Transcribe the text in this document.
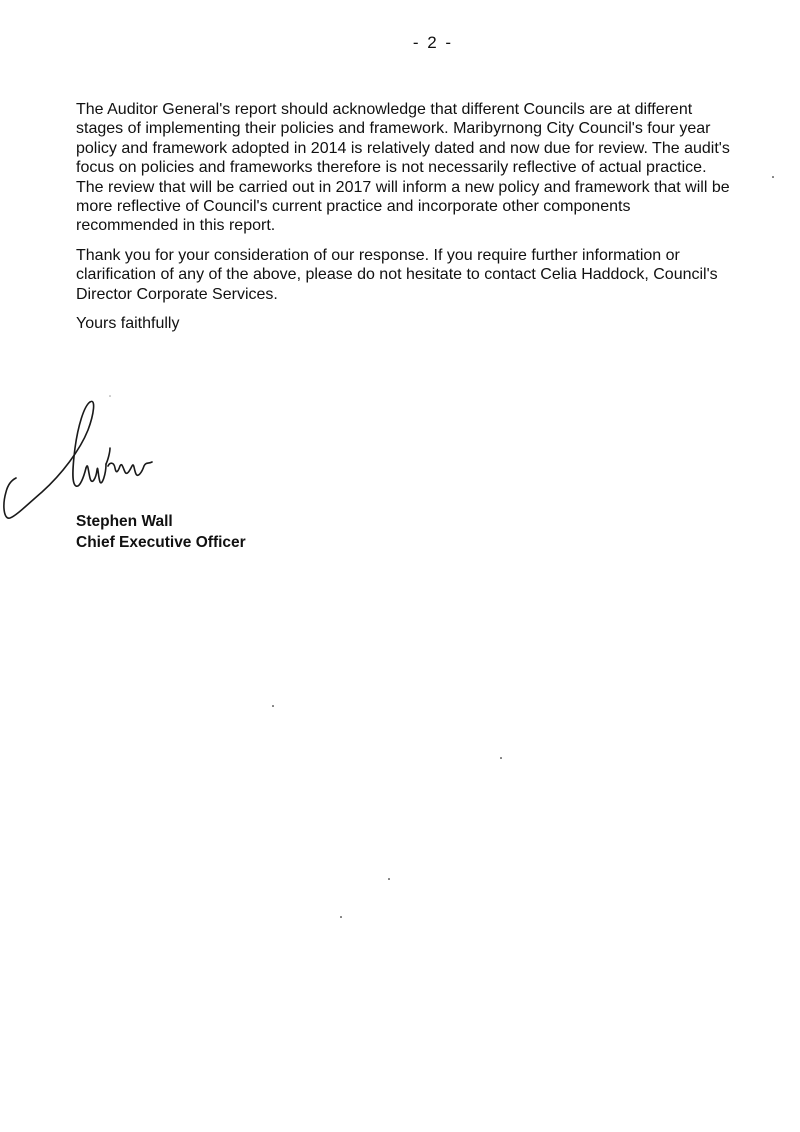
- 2 -

The Auditor General's report should acknowledge that different Councils are at different stages of implementing their policies and framework. Maribyrnong City Council's four year policy and framework adopted in 2014 is relatively dated and now due for review. The audit's focus on policies and frameworks therefore is not necessarily reflective of actual practice. The review that will be carried out in 2017 will inform a new policy and framework that will be more reflective of Council's current practice and incorporate other components recommended in this report.

Thank you for your consideration of our response. If you require further information or clarification of any of the above, please do not hesitate to contact Celia Haddock, Council's Director Corporate Services.

Yours faithfully

Stephen Wall
Chief Executive Officer
